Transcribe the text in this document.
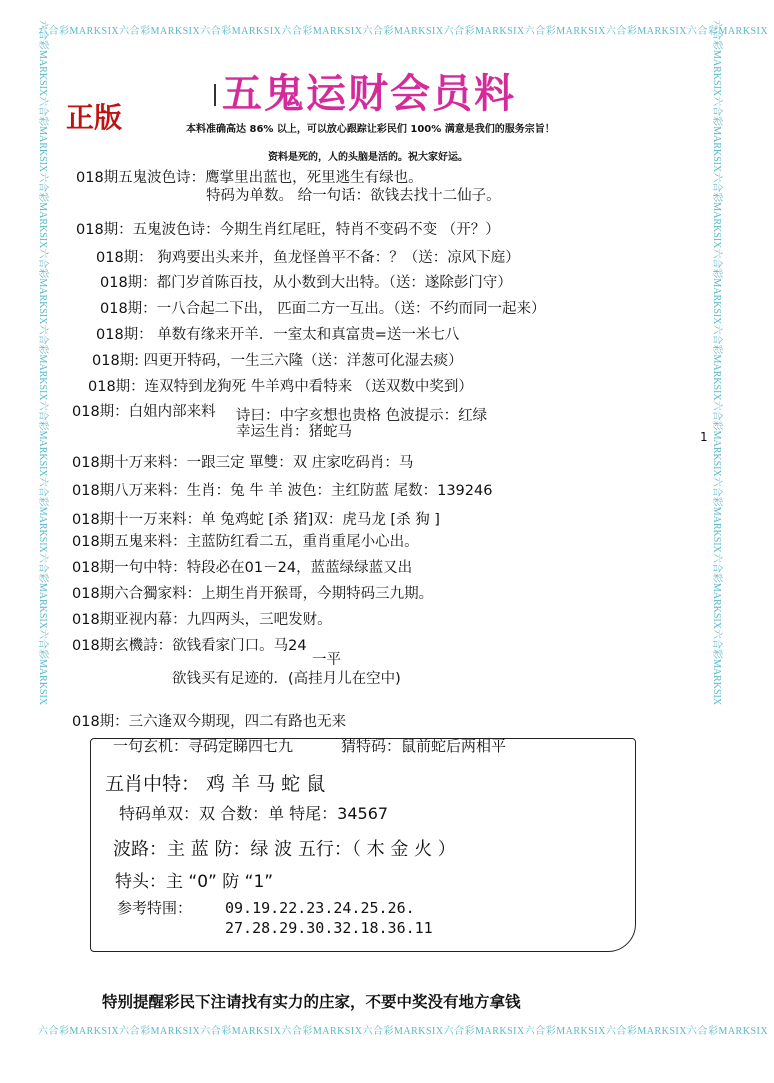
六合彩MARKSIX六合彩MARKSIX六合彩MARKSIX六合彩MARKSIX六合彩MARKSIX六合彩MARKSIX六合彩MARKSIX六合彩MARKSIX六合彩MARKSIX
六合彩MARKSIX六合彩MARKSIX六合彩MARKSIX六合彩MARKSIX六合彩MARKSIX六合彩MARKSIX六合彩MARKSIX六合彩MARKSIX六合彩MARKSIX
六合彩MARKSIX六合彩MARKSIX六合彩MARKSIX六合彩MARKSIX六合彩MARKSIX六合彩MARKSIX六合彩MARKSIX六合彩MARKSIX六合彩MARKSIX	六合彩MARKSIX六合彩MARKSIX六合彩MARKSIX六合彩MARKSIX六合彩MARKSIX六合彩MARKSIX六合彩MARKSIX六合彩MARKSIX六合彩MARKSIX
五鬼运财会员料
正版	本料准确高达 86% 以上，可以放心跟踪让彩民们 100% 满意是我们的服务宗旨！
资料是死的，人的头脑是活的。祝大家好运。
018期五鬼波色诗：鹰掌里出蓝也，死里逃生有绿也。
特码为单数。 给一句话：欲钱去找十二仙子。
018期：五鬼波色诗：今期生肖红尾旺，特肖不变码不变 （开？）
018期： 狗鸡要出头来并，鱼龙怪兽平不备：？（送：凉风下庭）
018期：都门岁首陈百技，从小数到大出特。（送：遂除彭门守）
018期：一八合起二下出， 匹面二方一互出。（送：不约而同一起来）
018期： 单数有缘来开羊．一室太和真富贵=送一米七八
018期: 四更开特码，一生三六隆（送：洋葱可化湿去痰）
018期：连双特到龙狗死 牛羊鸡中看特来 （送双数中奖到）
018期：白姐内部来料 诗曰：中字亥想也贵格 色波提示：红绿
幸运生肖：猪蛇马
018期十万来料：一跟三定 單雙：双 庄家吃码肖：马
018期八万来料：生肖：兔 牛 羊 波色：主红防蓝 尾数：139246
018期十一万来料：单 兔鸡蛇 [杀 猪]双：虎马龙 [杀 狗 ]
018期五鬼来料：主蓝防红看二五，重肖重尾小心出。
018期一句中特：特段必在01－24，蓝蓝绿绿蓝又出
018期六合獨家料：上期生肖开猴哥，今期特码三九期。
018期亚视内幕：九四两头，三吧发财。
018期玄機詩：欲钱看家门口。马24
一平
欲钱买有足迹的．(高挂月儿在空中)
018期：三六逢双今期现，四二有路也无来
1
一句玄机：寻码定睇四七九	猜特码：鼠前蛇后两相平
五肖中特： 鸡 羊 马 蛇 鼠
特码单双：双 合数：单 特尾：34567
波路：主 蓝 防：绿 波 五行：（ 木 金 火 ）
特头：主 “0” 防 “1”
参考特围： 09.19.22.23.24.25.26.
27.28.29.30.32.18.36.11
特别提醒彩民下注请找有实力的庄家，不要中奖没有地方拿钱
